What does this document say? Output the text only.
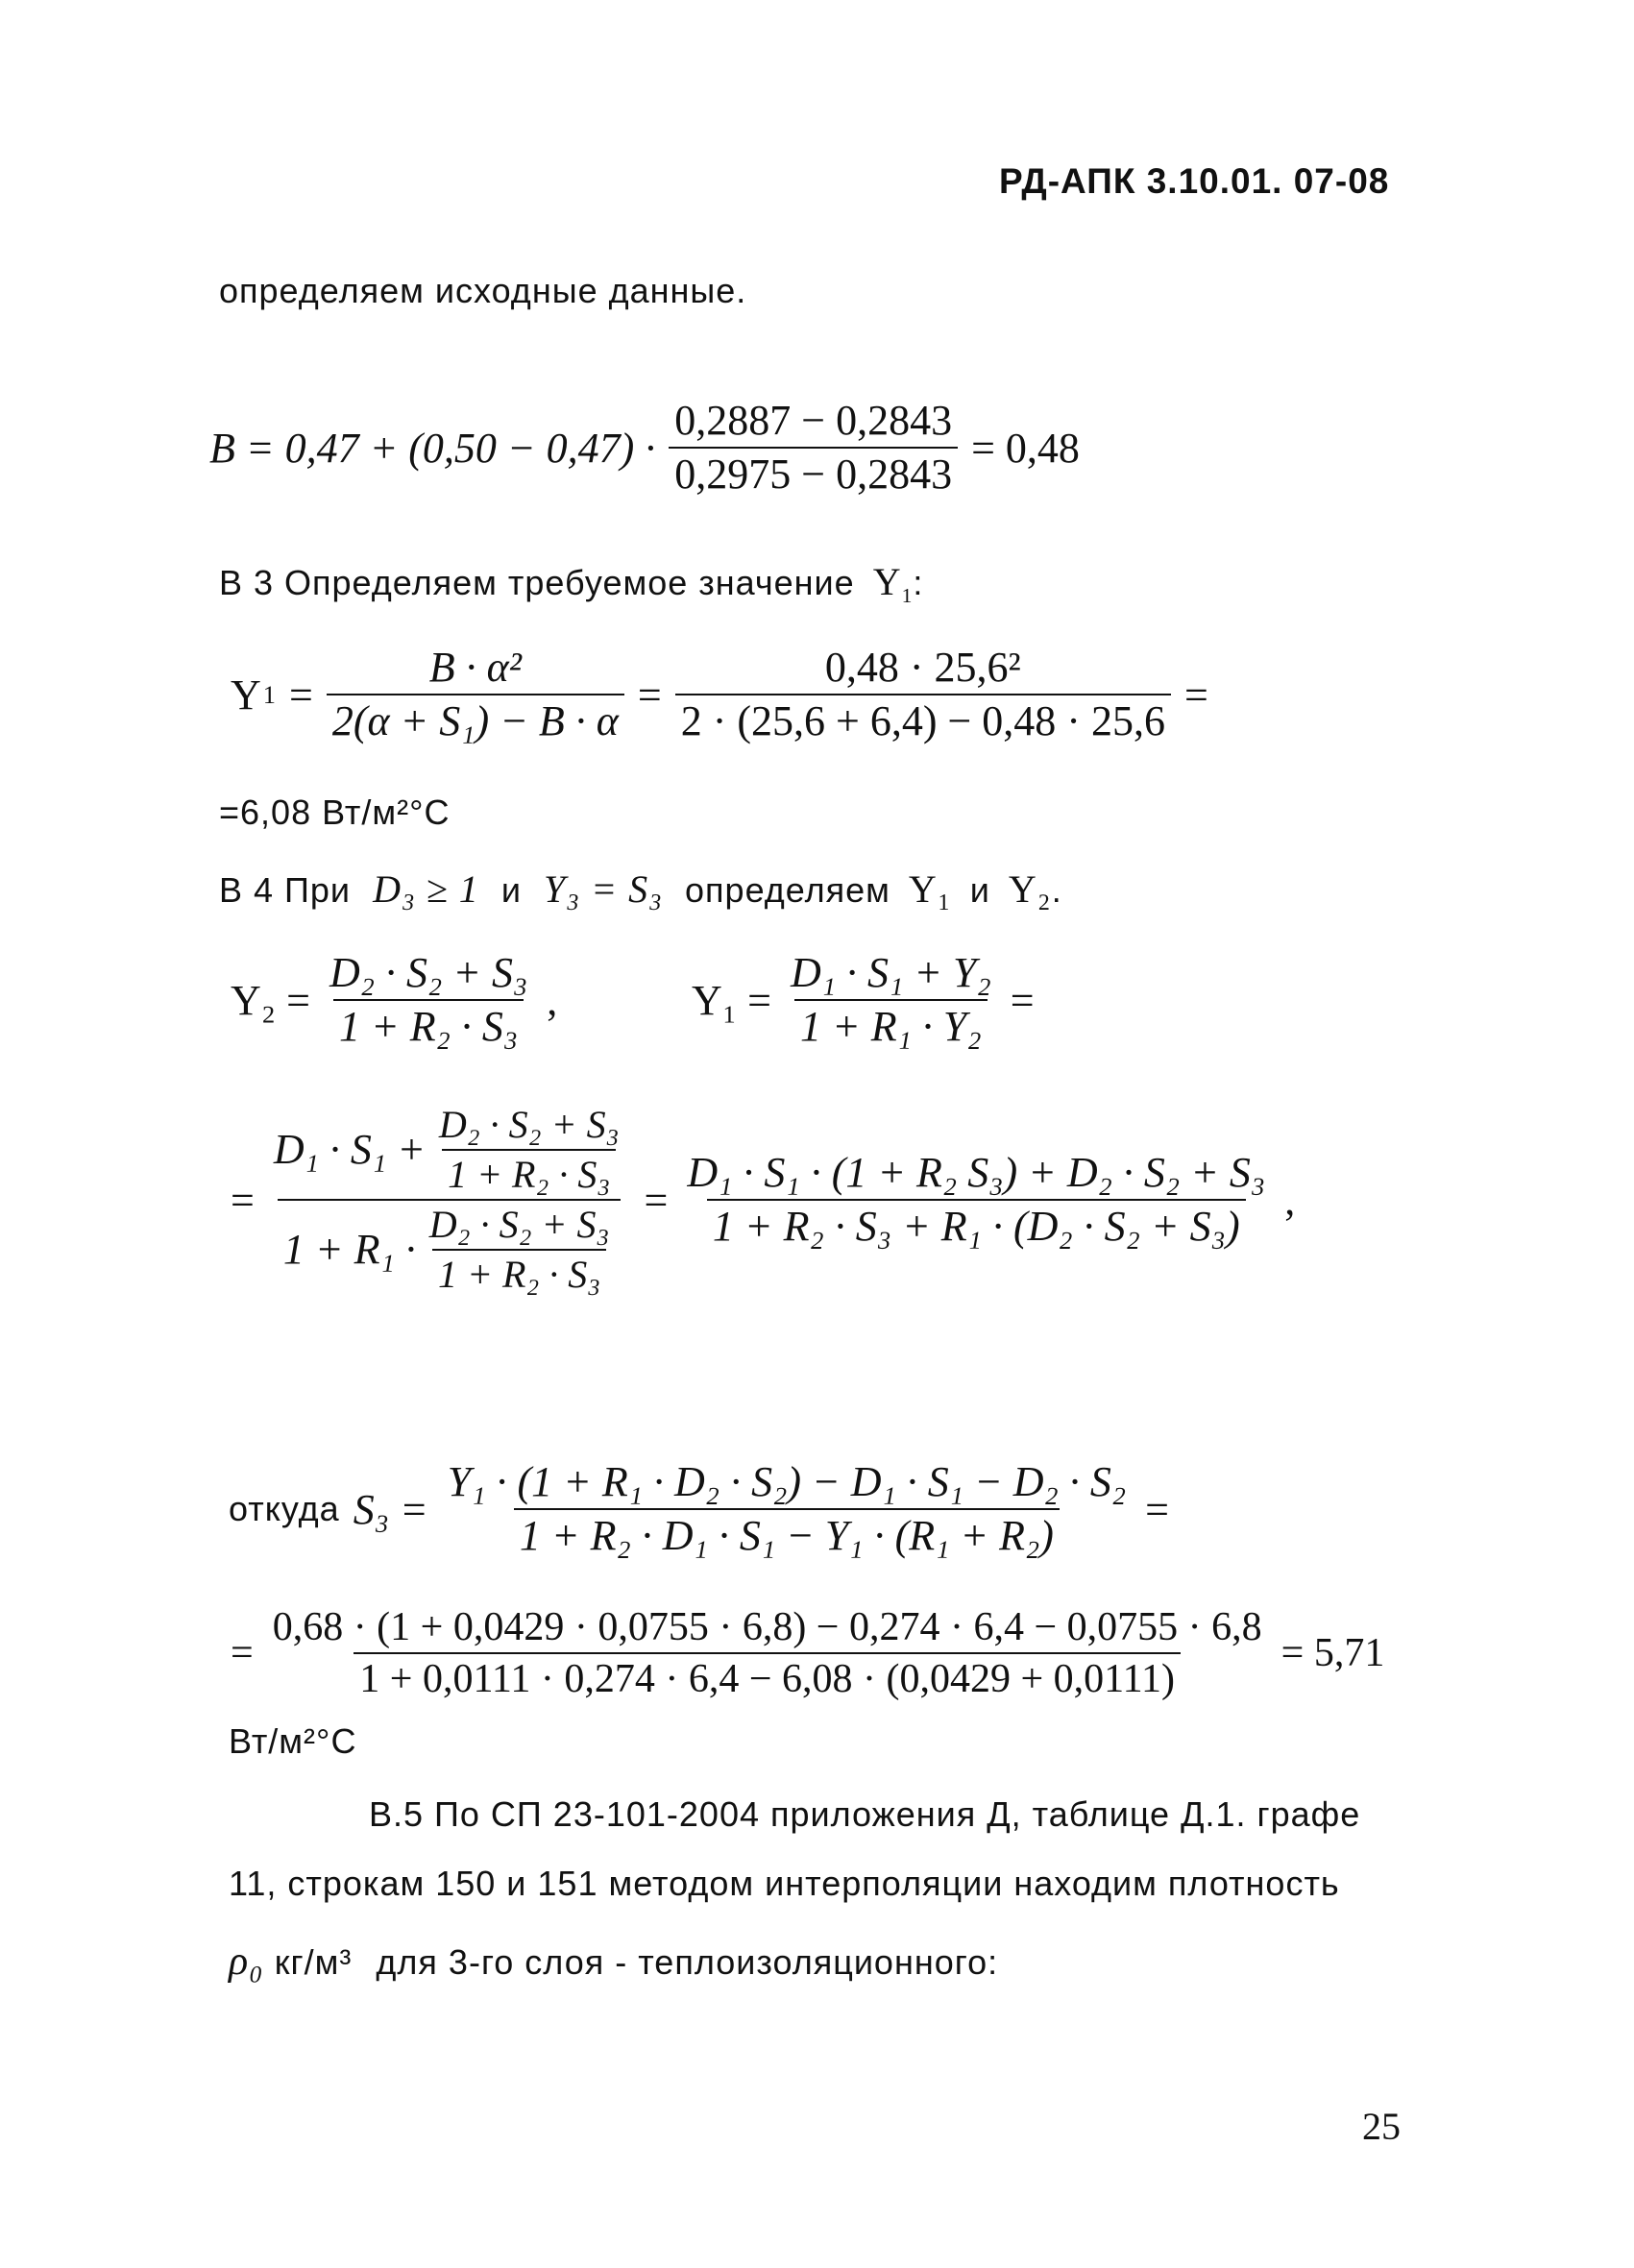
РД-АПК 3.10.01. 07-08
определяем исходные данные.
$B = 0,47 + (0,50 - 0,47) \cdot \frac{0,2887 - 0,2843}{0,2975 - 0,2843} = 0,48$
В 3 Определяем требуемое значение $Y_1$:
Y $1 = \frac{\text{B · α²}}{\text{2(α + S₁) − B · α}} = \frac{\text{0,48 · 25,6²}}{2 \cdot (25,6 + 6,4) - 0,48 \cdot 25,6}$ =
=6,08 Вт/м²°С
В 4 При D₃ ≥ 1 и Y₃ = S₃ определяем Y₁ и Y₂.
$Y_2 = \frac{\text{D₂ · S₂ + S₃}}{\text{1 + R₂ · S₃}}$ ,	$Y_1 = \frac{\text{D₁ · S₁ + Y₂}}{\text{1 + R₁ · Y₂}}$ =
= $\frac{D_1 \cdot S_1 + \frac{\text{D₂ · S₂ + S₃}}{\text{1 + R₂ · S₃}}}{1 + R_1 \cdot \frac{\text{D₂ · S₂ + S₃}}{\text{1 + R₂ · S₃}}} = \frac{\text{D₁ · S₁ · (1 + R₂ S₃) + D₂ · S₂ + S₃}}{\text{1 + R₂ · S₃ + R₁ · (D₂ · S₂ + S₃)}}$ ,
откуда $S_3 = \frac{\text{Y₁ · (1 + R₁ · D₂ · S₂) − D₁ · S₁ − D₂ · S₂}}{\text{1 + R₂ · D₁ · S₁ − Y₁ · (R₁ + R₂)}}$ =
=
0,68 · (1 + 0,0429 · 0,0755 · 6,8) − 0,274 · 6,4 − 0,0755 · 6,8
1 + 0,0111 · 0,274 · 6,4 − 6,08 · (0,0429 + 0,0111)
= 5,71
Вт/м²°С
В.5 По СП 23-101-2004 приложения Д, таблице Д.1. графе
11, строкам 150 и 151 методом интерполяции находим плотность
ρ₀ кг/м³ для 3-го слоя - теплоизоляционного:
25
